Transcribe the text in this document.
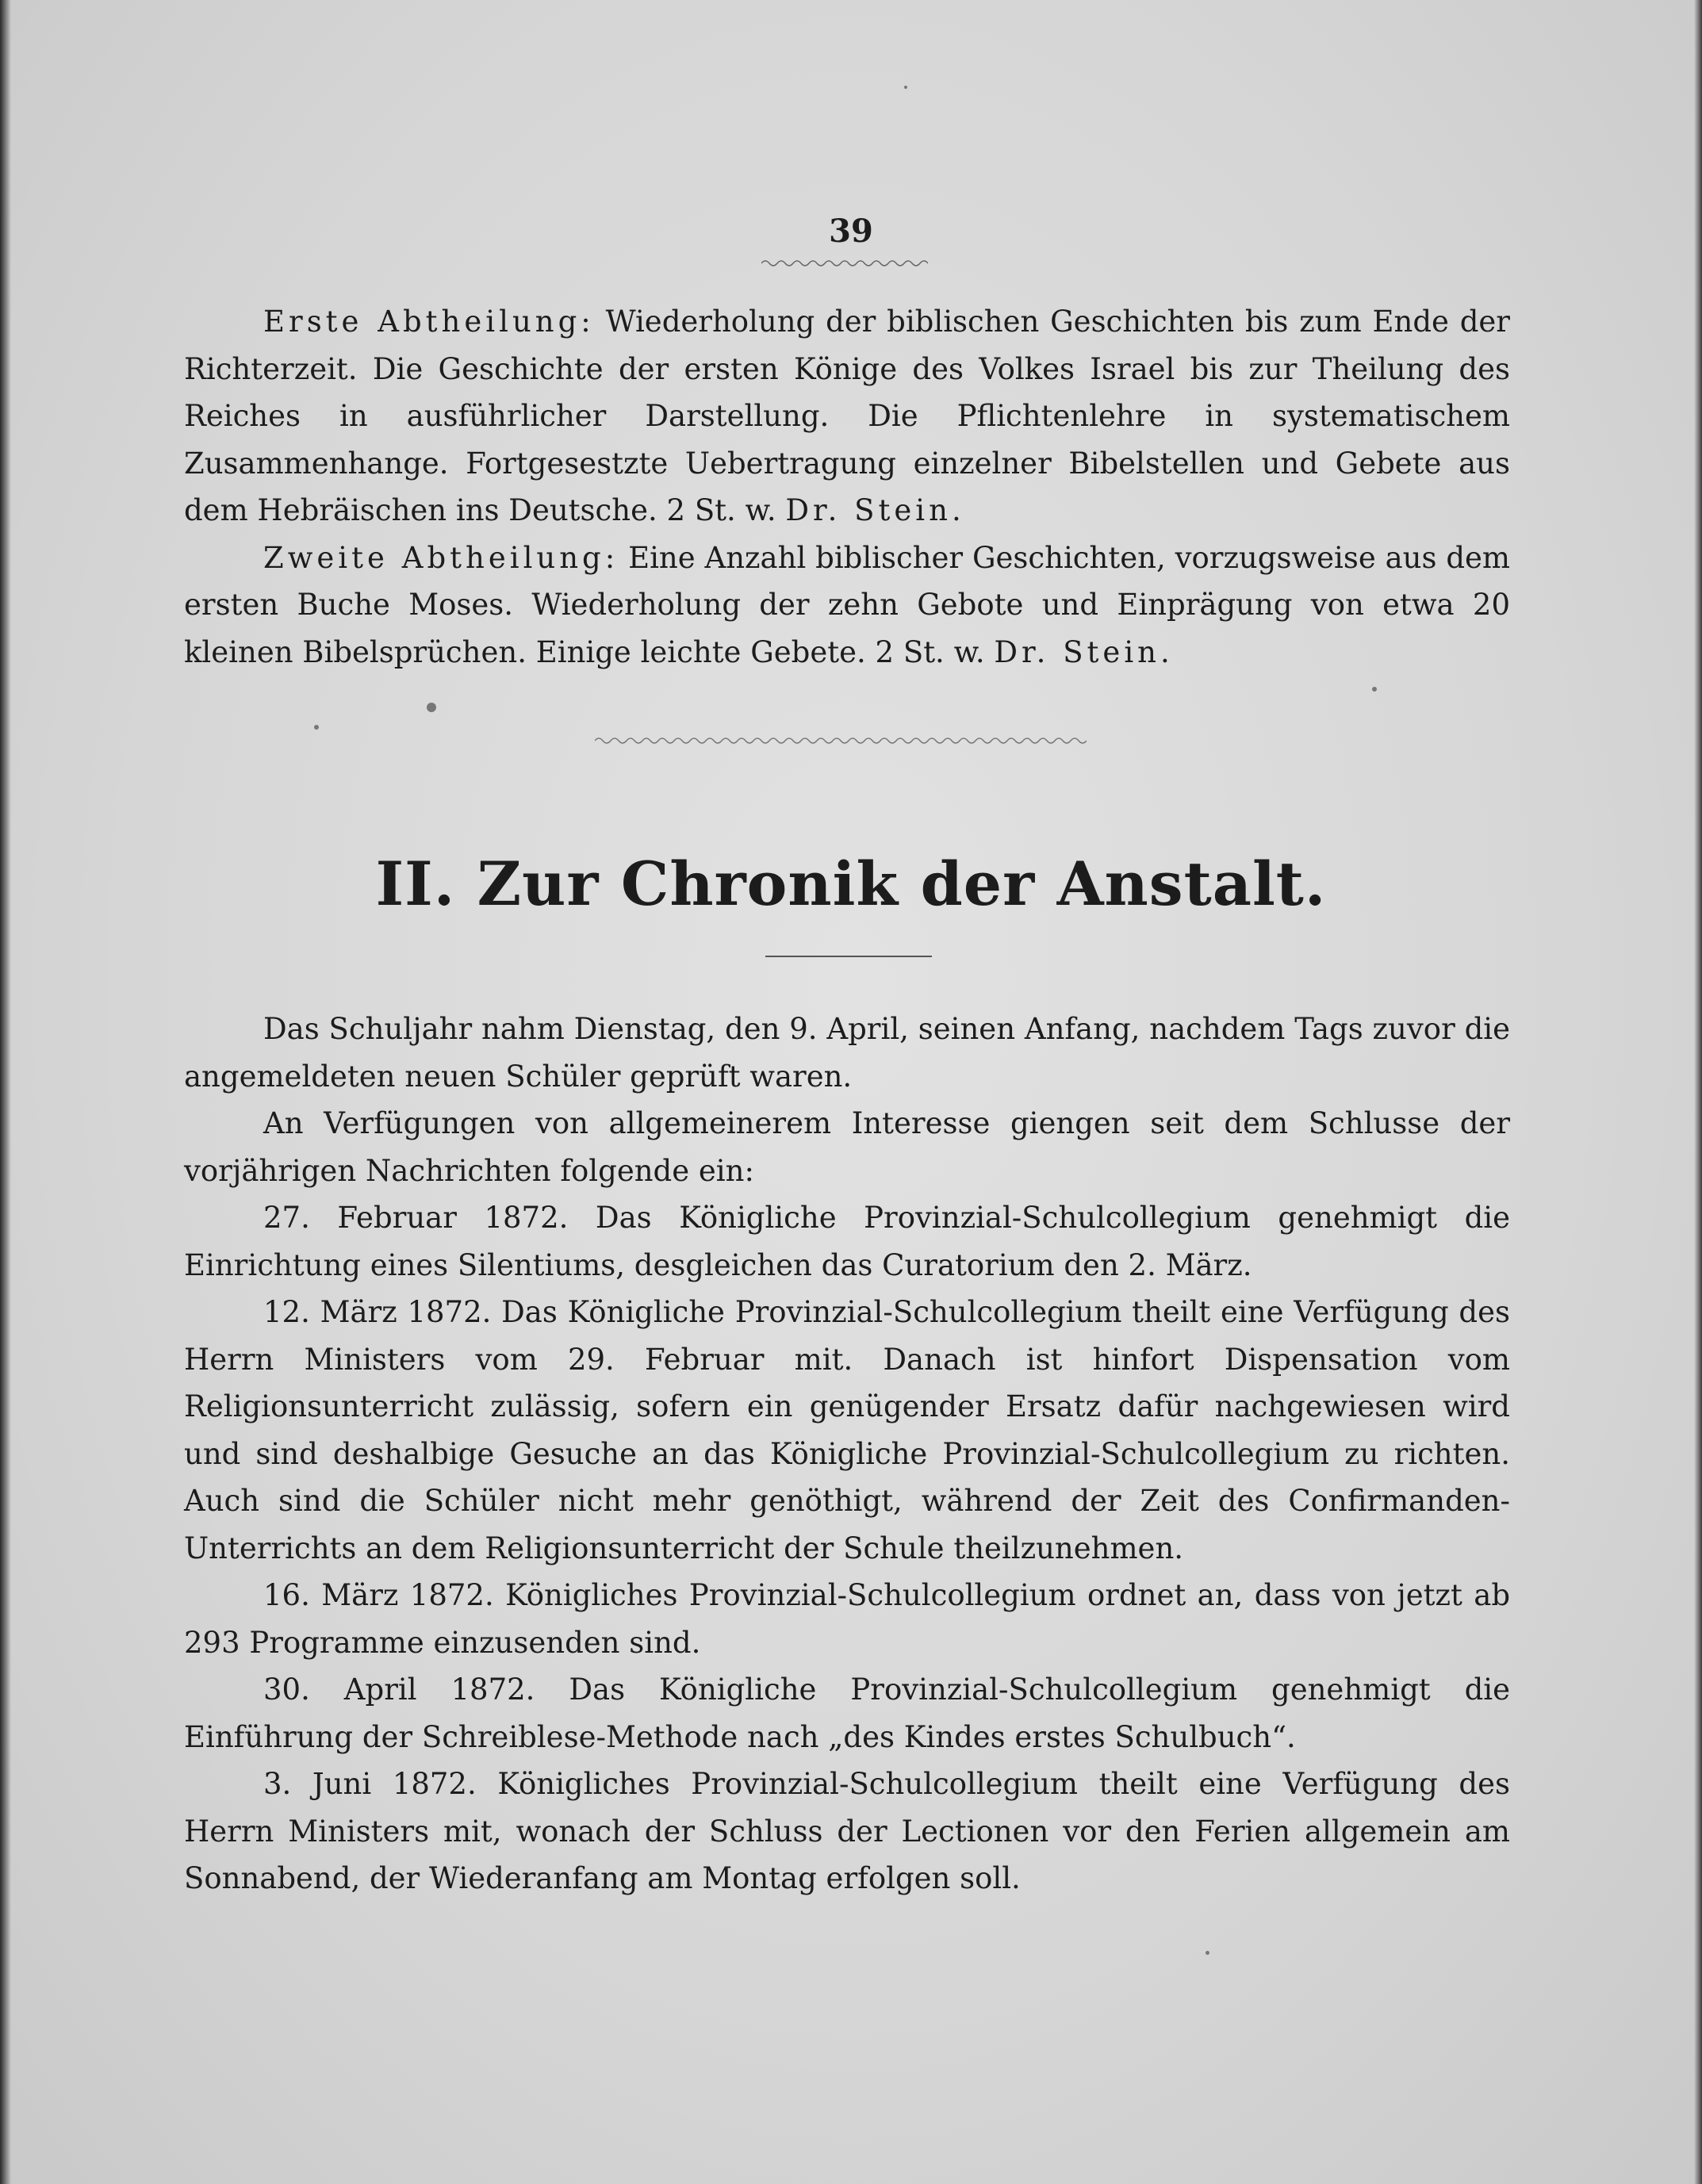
39

Erste Abtheilung: Wiederholung der biblischen Geschichten bis zum Ende der Richterzeit. Die Geschichte der ersten Könige des Volkes Israel bis zur Theilung des Reiches in ausführlicher Darstellung. Die Pflichtenlehre in systematischem Zusammenhange. Fortgesestzte Uebertragung einzelner Bibelstellen und Gebete aus dem Hebräischen ins Deutsche. 2 St. w. Dr. Stein.

Zweite Abtheilung: Eine Anzahl biblischer Geschichten, vorzugsweise aus dem ersten Buche Moses. Wiederholung der zehn Gebote und Einprägung von etwa 20 kleinen Bibelsprüchen. Einige leichte Gebete. 2 St. w. Dr. Stein.

II. Zur Chronik der Anstalt.

Das Schuljahr nahm Dienstag, den 9. April, seinen Anfang, nachdem Tags zuvor die angemeldeten neuen Schüler geprüft waren.

An Verfügungen von allgemeinerem Interesse giengen seit dem Schlusse der vorjährigen Nachrichten folgende ein:

27. Februar 1872. Das Königliche Provinzial-Schulcollegium genehmigt die Einrichtung eines Silentiums, desgleichen das Curatorium den 2. März.

12. März 1872. Das Königliche Provinzial-Schulcollegium theilt eine Verfügung des Herrn Ministers vom 29. Februar mit. Danach ist hinfort Dispensation vom Religionsunterricht zulässig, sofern ein genügender Ersatz dafür nachgewiesen wird und sind deshalbige Gesuche an das Königliche Provinzial-Schulcollegium zu richten. Auch sind die Schüler nicht mehr genöthigt, während der Zeit des Confirmanden-Unterrichts an dem Religionsunterricht der Schule theilzunehmen.

16. März 1872. Königliches Provinzial-Schulcollegium ordnet an, dass von jetzt ab 293 Programme einzusenden sind.

30. April 1872. Das Königliche Provinzial-Schulcollegium genehmigt die Einführung der Schreiblese-Methode nach „des Kindes erstes Schulbuch“.

3. Juni 1872. Königliches Provinzial-Schulcollegium theilt eine Verfügung des Herrn Ministers mit, wonach der Schluss der Lectionen vor den Ferien allgemein am Sonnabend, der Wiederanfang am Montag erfolgen soll.
